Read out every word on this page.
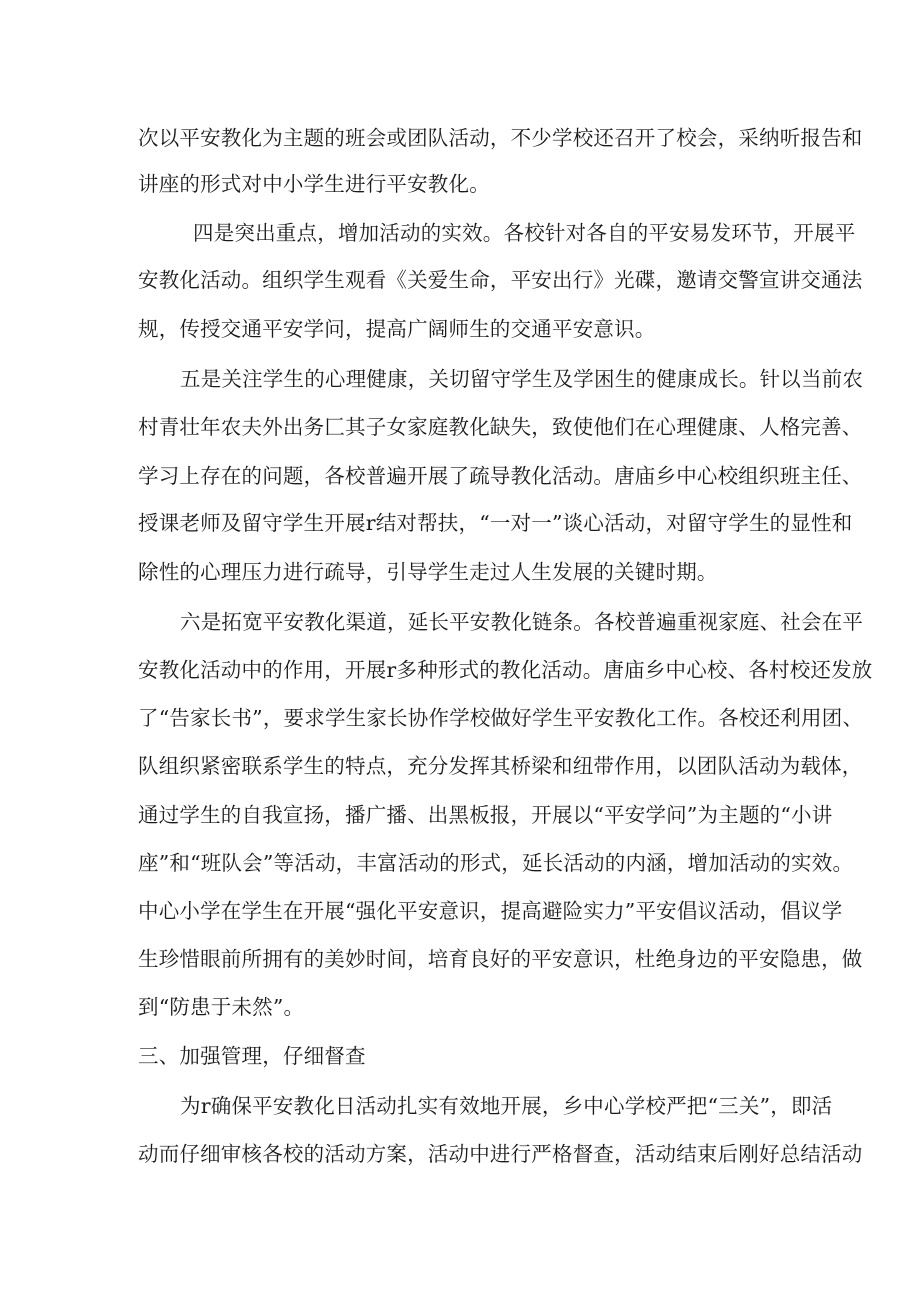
次以平安教化为主题的班会或团队活动，不少学校还召开了校会，采纳听报告和
讲座的形式对中小学生进行平安教化。
四是突出重点，增加活动的实效。各校针对各自的平安易发环节，开展平
安教化活动。组织学生观看《关爱生命，平安出行》光碟，邀请交警宣讲交通法
规，传授交通平安学问，提高广阔师生的交通平安意识。
五是关注学生的心理健康，关切留守学生及学困生的健康成长。针以当前农
村青壮年农夫外出务匚其子女家庭教化缺失，致使他们在心理健康、人格完善、
学习上存在的问题，各校普遍开展了疏导教化活动。唐庙乡中心校组织班主任、
授课老师及留守学生开展r结对帮扶，“一对一”谈心活动，对留守学生的显性和
除性的心理压力进行疏导，引导学生走过人生发展的关键时期。
六是拓宽平安教化渠道，延长平安教化链条。各校普遍重视家庭、社会在平
安教化活动中的作用，开展r多种形式的教化活动。唐庙乡中心校、各村校还发放
了“告家长书”，要求学生家长协作学校做好学生平安教化工作。各校还利用团、
队组织紧密联系学生的特点，充分发挥其桥梁和纽带作用，以团队活动为载体，
通过学生的自我宣扬，播广播、出黑板报，开展以“平安学问”为主题的“小讲
座”和“班队会”等活动，丰富活动的形式，延长活动的内涵，增加活动的实效。
中心小学在学生在开展“强化平安意识，提高避险实力”平安倡议活动，倡议学
生珍惜眼前所拥有的美妙时间，培育良好的平安意识，杜绝身边的平安隐患，做
到“防患于未然”。
三、加强管理，仔细督查
为r确保平安教化日活动扎实有效地开展，乡中心学校严把“三关”，即活
动而仔细审核各校的活动方案，活动中进行严格督查，活动结束后刚好总结活动
